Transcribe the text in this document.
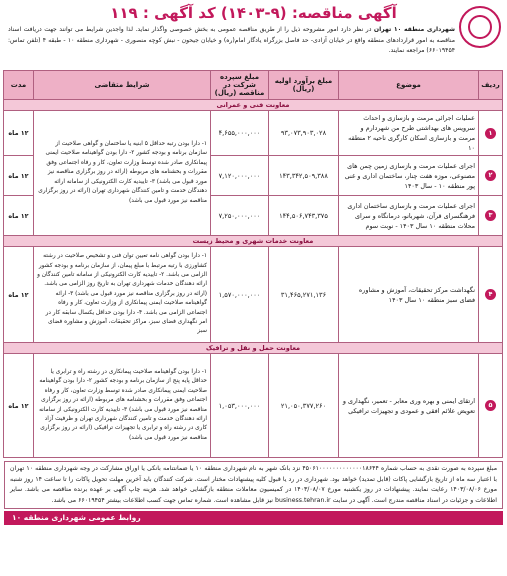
آگهی مناقصه: (۹-۱۴۰۳) کد آگهی : ۱۱۹
شهرداری منطقه ۱۰ تهران در نظر دارد امور مشروحه ذیل را از طریق مناقصه عمومی به بخش خصوصی واگذار نماید. لذا واجدین شرایط می توانند جهت دریافت اسناد مناقصه به امور قراردادهای منطقه واقع در خیابان آزادی- حد فاصل بزرگراه یادگار امام(ره) و خیابان جیحون - نبش کوچه منصوری - شهرداری منطقه ۱۰ - طبقه ۴ (تلفن تماس: ۶۶۰۱۹۴۵۴) مراجعه نمایند.
ردیف	موضوع	مبلغ برآورد اولیه (ریال)	مبلغ سپرده شرکت در مناقصه (ریال)	شرایط متقاضی	مدت
معاونت فنی و عمرانی					
۱	عملیات اجرائی مرمت و بازسازی و احداث سرویس های بهداشتی طرح من شهردارم و مرمت و بازسازی اسکان کارگری ناحیه ۲ منطقه ۱۰	۹۳,۰۷۳,۹۰۳,۰۲۸	۴,۶۵۵,۰۰۰,۰۰۰	۱- دارا بودن رتبه حداقل ۵ ابنیه یا ساختمان و گواهی صلاحیت از سازمان برنامه و بودجه کشور ۲- دارا بودن گواهینامه صلاحیت ایمنی پیمانکاری صادر شده توسط وزارت تعاون، کار و رفاه اجتماعی وفق مقررات و بخشنامه های مربوطه (ارائه در روز برگزاری مناقصه نیز مورد قبول می باشد) ۳- تاییدیه کارت الکترونیکی از سامانه ارائه دهندگان خدمت و تامین کنندگان شهرداری تهران (ارائه در روز برگزاری مناقصه نیز مورد قبول می باشد)	۱۲ ماه
۲	اجرای عملیات مرمت و بازسازی زمین چمن های مصنوعی، موزه هفت چنار، ساختمان اداری و غنی پور منطقه ۱۰ - سال ۱۴۰۳	۱۴۳,۳۴۲,۵۰۹,۳۸۸	۷,۱۲۰,۰۰۰,۰۰۰		۱۲ ماه
۳	اجرای عملیات مرمت و بازسازی ساختمان اداری فرهنگسرای قرآن، شهربانو، درمانگاه و سرای محلات منطقه ۱۰ سال ۱۴۰۳ - نوبت سوم	۱۴۴,۵۰۶,۷۴۳,۳۷۵	۷,۲۵۰,۰۰۰,۰۰۰		۱۲ ماه
معاونت خدمات شهری و محیط زیست					
۴	نگهداشت مرکز تحقیقات، آموزش و مشاوره فضای سبز منطقه ۱۰ سال ۱۴۰۳	۳۱,۴۶۵,۲۷۱,۱۳۶	۱,۵۷۰,۰۰۰,۰۰۰	۱- دارا بودن گواهی نامه تعیین توان فنی و تشخیص صلاحیت در رشته کشاورزی با رتبه مرتبط با مبلغ پیمان، از سازمان برنامه و بودجه کشور الزامی می باشد. ۲- تاییدیه کارت الکترونیکی از سامانه تامین کنندگان و ارائه دهندگان خدمات شهرداری تهران به تاریخ روز الزامی می باشد. (ارائه در روز برگزاری مناقصه نیز مورد قبول می باشد) ۳- ارائه گواهینامه صلاحیت ایمنی پیمانکاری از وزارت تعاون، کار و رفاه اجتماعی الزامی می باشد. ۴- دارا بودن حداقل یکسال سابقه کار در امر نگهداری فضای سبز، مراکز تحقیقات، آموزش و مشاوره فضای سبز	۱۲ ماه
معاونت حمل و نقل و ترافیک					
۵	ارتقای ایمنی و بهره وری معابر - تعمیر، نگهداری و تعویض علائم افقی و عمودی و تجهیزات ترافیکی	۲۱,۰۵۰,۳۷۷,۲۶۰	۱,۰۵۳,۰۰۰,۰۰۰	۱- دارا بودن گواهینامه صلاحیت پیمانکاری در رشته راه و ترابری یا حداقل پایه پنج از سازمان برنامه و بودجه کشور ۲- دارا بودن گواهینامه صلاحیت ایمنی پیمانکاری صادر شده توسط وزارت تعاون، کار و رفاه اجتماعی وفق مقررات و بخشنامه های مربوطه (ارائه در روز برگزاری مناقصه نیز مورد قبول می باشد) ۳- تاییدیه کارت الکترونیکی از سامانه ارائه دهندگان خدمت و تامین کنندگان شهرداری تهران و ظرفیت آزاد کاری در رشته راه و ترابری یا تجهیزات ترافیکی (ارائه در روز برگزاری مناقصه نیز مورد قبول می باشد)	۱۲ ماه
مبلغ سپرده به صورت نقدی به حساب شماره ۴۵۰۶۱۰۰۰۰۰۰۰۰۰۰۰۰۰۱۸۶۴۴ نزد بانک شهر به نام شهرداری منطقه ۱۰ یا ضمانتنامه بانکی یا اوراق مشارکت در وجه شهرداری منطقه ۱۰ تهران با اعتبار سه ماه از تاریخ بازگشایی پاکات (قابل تمدید) خواهد بود. شهرداری در رد یا قبول کلیه پیشنهادات مختار است. شرکت کنندگان باید آخرین مهلت تحویل پاکات را تا ساعت ۱۴ روز شنبه مورخ ۱۴۰۳/۰۸/۰۶ رعایت نمایند. پیشنهادات در روز یکشنبه مورخ ۱۴۰۳/۰۸/۰۷ در کمیسیون معاملات منطقه بازگشایی خواهد شد. هزینه چاپ آگهی بر عهده برنده مناقصه می باشد. سایر اطلاعات و جزئیات در اسناد مناقصه مندرج است. آگهی در سایت business.tehran.ir نیز قابل مشاهده است. شماره تماس جهت کسب اطلاعات بیشتر ۶۶۰۱۹۴۵۴ می باشد.
روابط عمومی شهرداری منطقه ۱۰
